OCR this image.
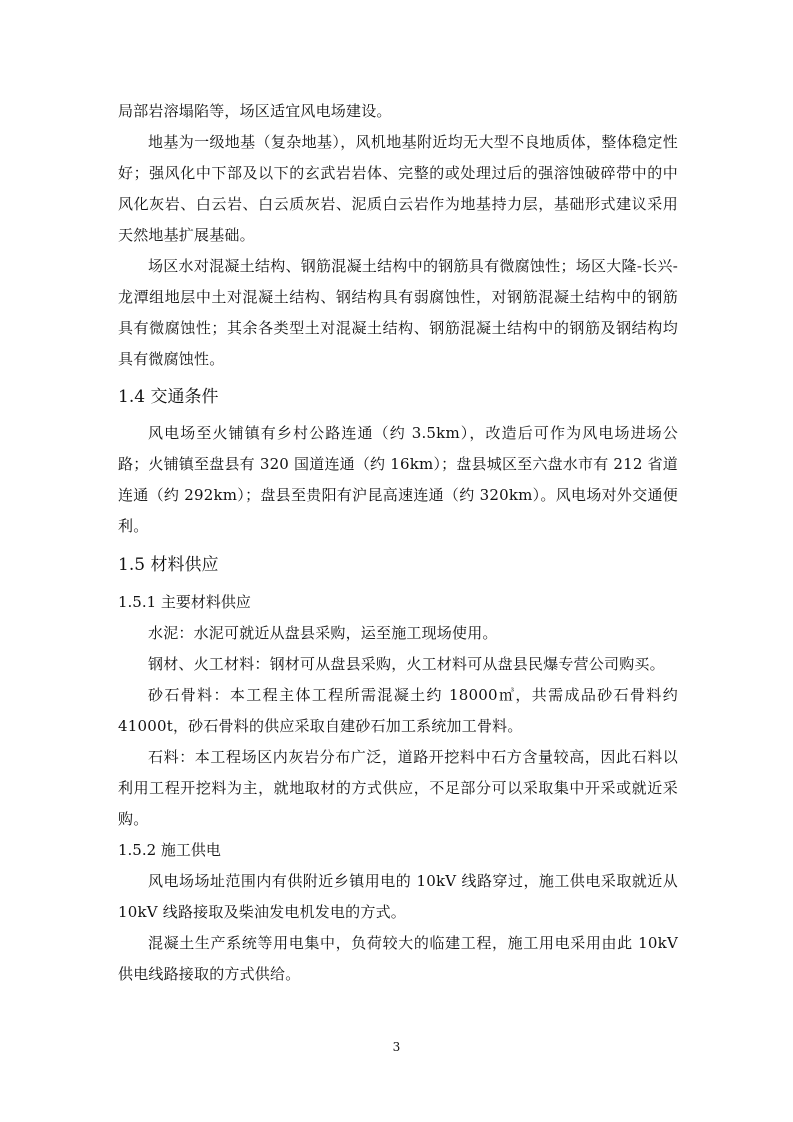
局部岩溶塌陷等，场区适宜风电场建设。

地基为一级地基（复杂地基），风机地基附近均无大型不良地质体，整体稳定性好；强风化中下部及以下的玄武岩岩体、完整的或处理过后的强溶蚀破碎带中的中风化灰岩、白云岩、白云质灰岩、泥质白云岩作为地基持力层，基础形式建议采用天然地基扩展基础。

场区水对混凝土结构、钢筋混凝土结构中的钢筋具有微腐蚀性；场区大隆-长兴-龙潭组地层中土对混凝土结构、钢结构具有弱腐蚀性，对钢筋混凝土结构中的钢筋具有微腐蚀性；其余各类型土对混凝土结构、钢筋混凝土结构中的钢筋及钢结构均具有微腐蚀性。

1.4 交通条件

风电场至火铺镇有乡村公路连通（约 3.5km），改造后可作为风电场进场公路；火铺镇至盘县有 320 国道连通（约 16km）；盘县城区至六盘水市有 212 省道连通（约 292km）；盘县至贵阳有沪昆高速连通（约 320km）。风电场对外交通便利。

1.5 材料供应
1.5.1 主要材料供应

水泥：水泥可就近从盘县采购，运至施工现场使用。

钢材、火工材料：钢材可从盘县采购，火工材料可从盘县民爆专营公司购买。

砂石骨料：本工程主体工程所需混凝土约 18000㎥，共需成品砂石骨料约 41000t，砂石骨料的供应采取自建砂石加工系统加工骨料。

石料：本工程场区内灰岩分布广泛，道路开挖料中石方含量较高，因此石料以利用工程开挖料为主，就地取材的方式供应，不足部分可以采取集中开采或就近采购。

1.5.2 施工供电

风电场场址范围内有供附近乡镇用电的 10kV 线路穿过，施工供电采取就近从 10kV 线路接取及柴油发电机发电的方式。

混凝土生产系统等用电集中，负荷较大的临建工程，施工用电采用由此 10kV 供电线路接取的方式供给。

3
